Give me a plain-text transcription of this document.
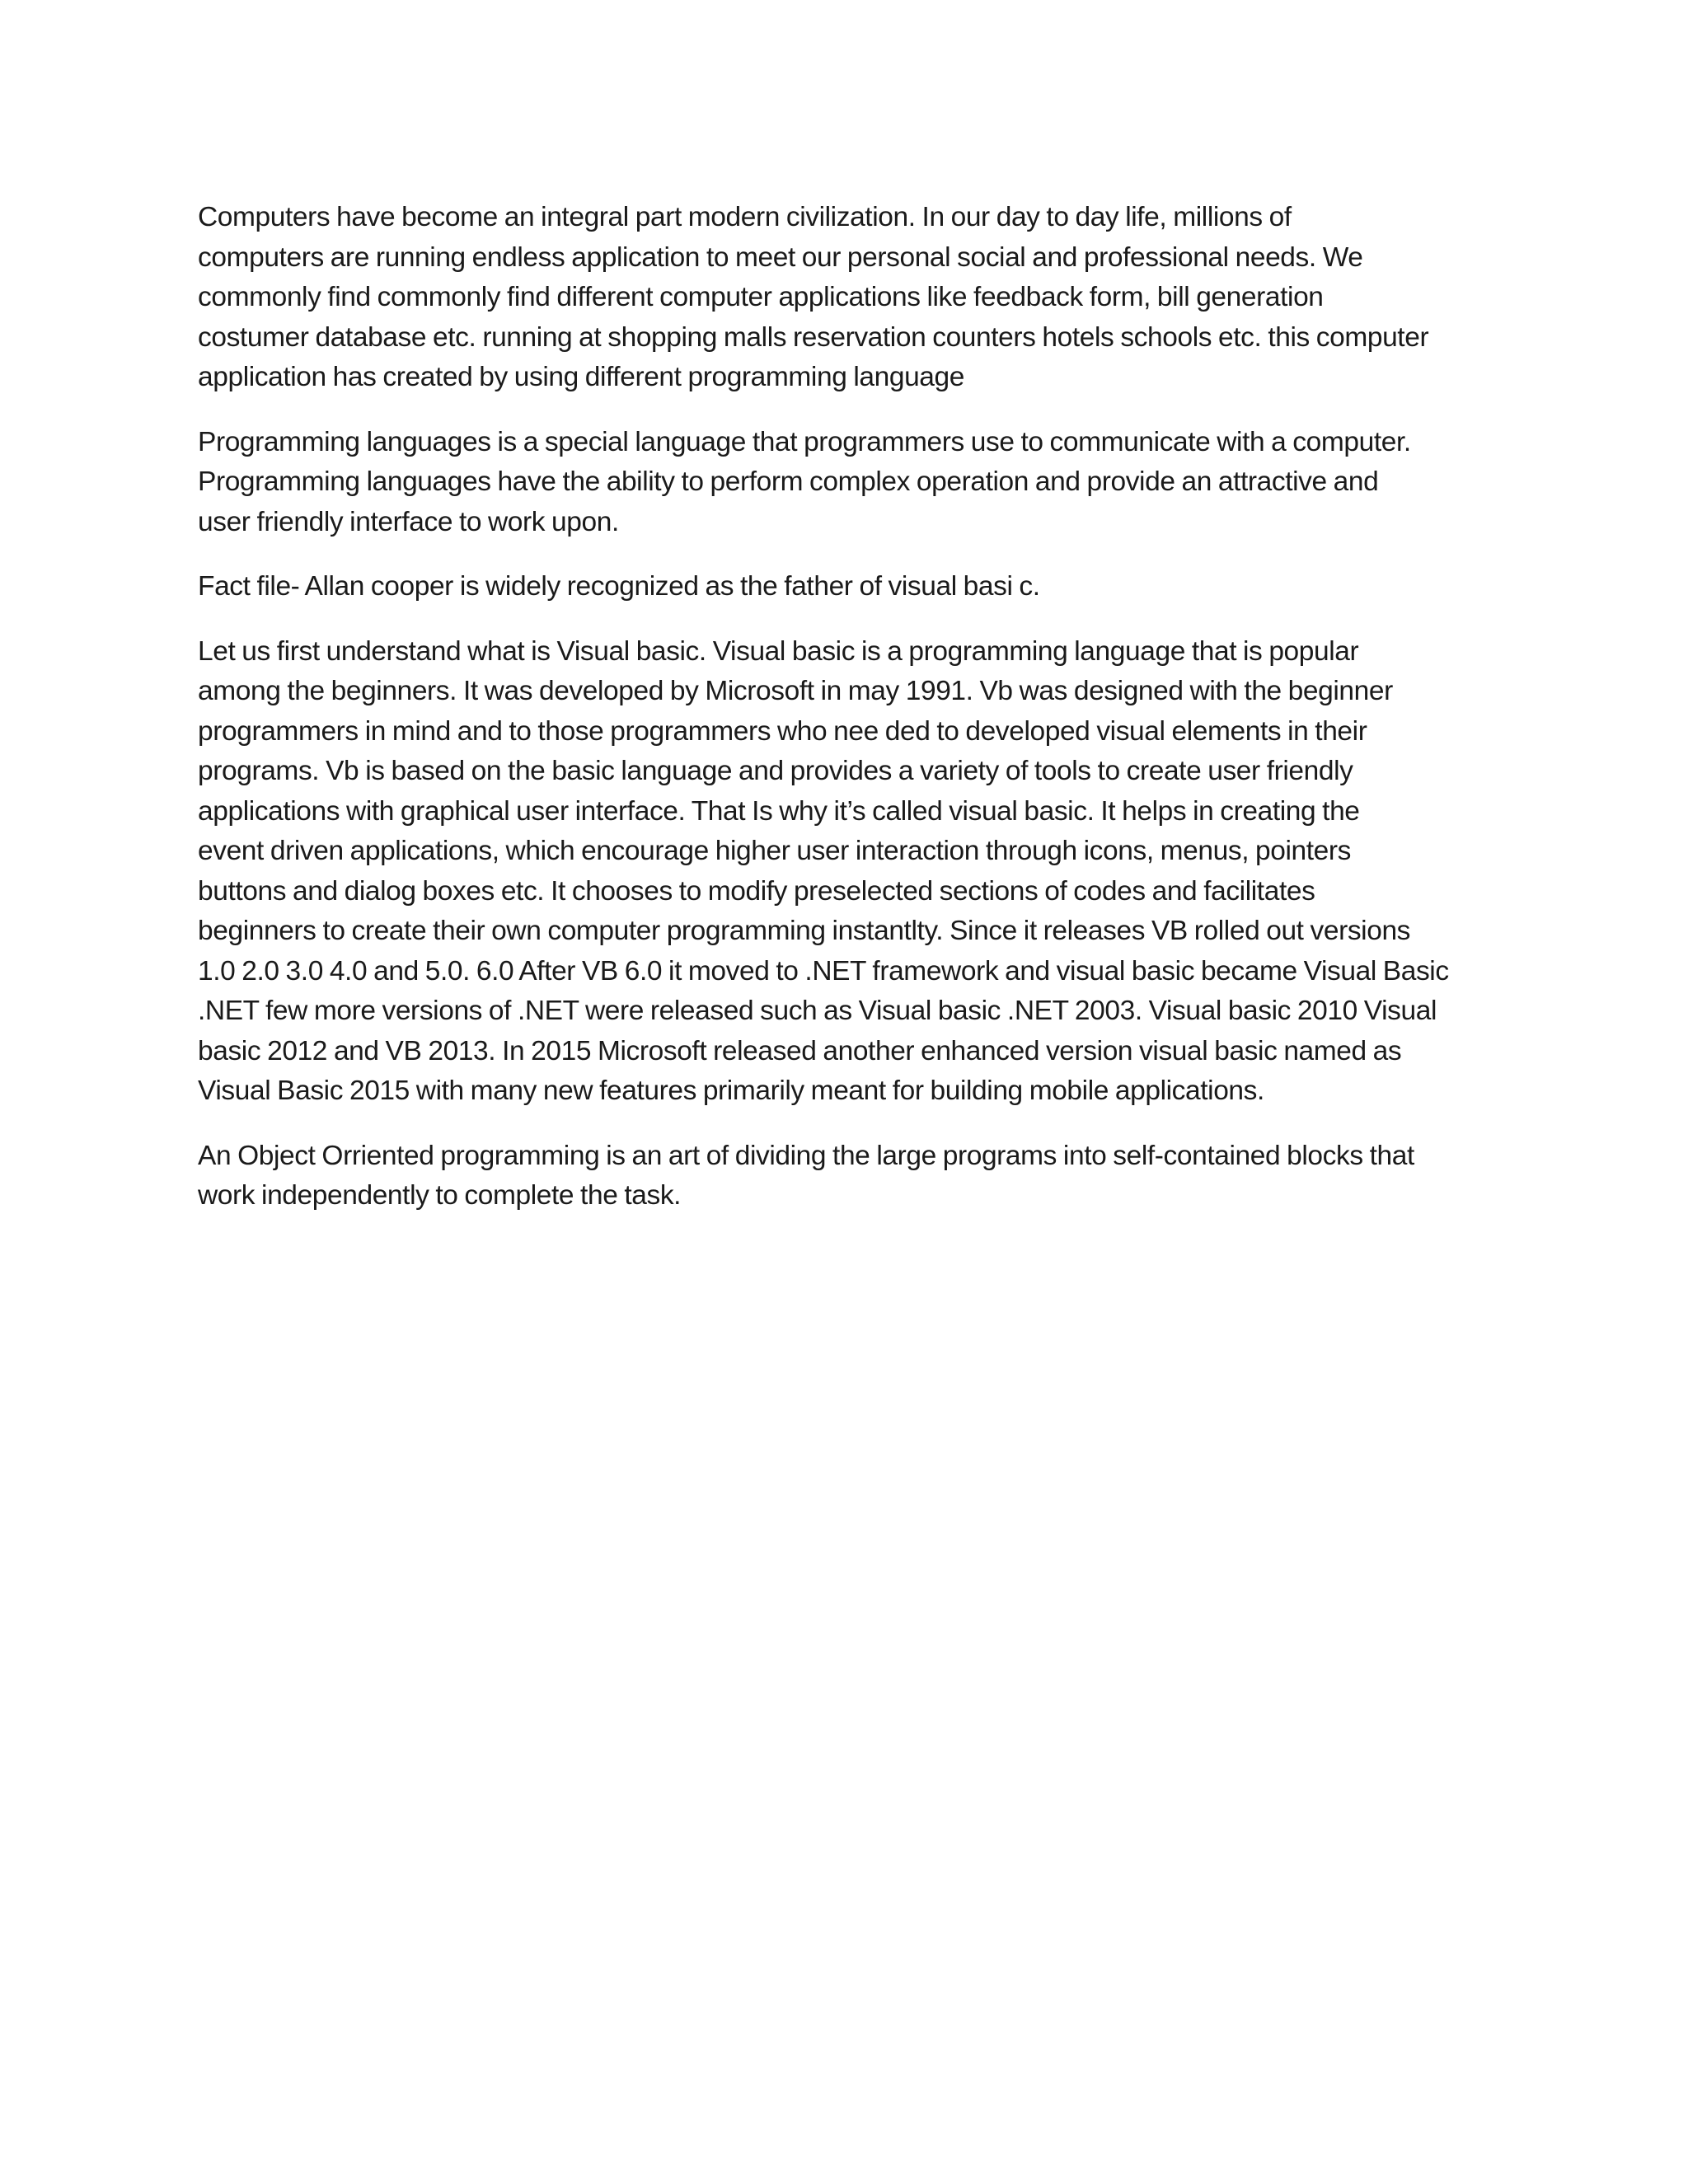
Computers have become an integral part modern civilization. In our day to day life, millions of
computers are running endless application to meet our personal social and professional needs. We
commonly find commonly find different computer applications like feedback form, bill generation
costumer database etc. running at shopping malls reservation counters hotels schools etc. this computer
application has created by using different programming language

Programming languages is a special language that programmers use to communicate with a computer.
Programming languages have the ability to perform complex operation and provide an attractive and
user friendly interface to work upon.

Fact file- Allan cooper is widely recognized as the father of visual basi c.

Let us first understand what is Visual basic. Visual basic is a programming language that is popular
among the beginners. It was developed by Microsoft in may 1991. Vb was designed with the beginner
programmers in mind and to those programmers who nee ded to developed visual elements in their
programs. Vb is based on the basic language and provides a variety of tools to create user friendly
applications with graphical user interface. That Is why it’s called visual basic. It helps in creating the
event driven applications, which encourage higher user interaction through icons, menus, pointers
buttons and dialog boxes etc. It chooses to modify preselected sections of codes and facilitates
beginners to create their own computer programming instantlty. Since it releases VB rolled out versions
1.0 2.0 3.0 4.0 and 5.0. 6.0 After VB 6.0 it moved to .NET framework and visual basic became Visual Basic
.NET few more versions of .NET were released such as Visual basic .NET 2003. Visual basic 2010 Visual
basic 2012 and VB 2013. In 2015 Microsoft released another enhanced version visual basic named as
Visual Basic 2015 with many new features primarily meant for building mobile applications.

An Object Orriented programming is an art of dividing the large programs into self-contained blocks that
work independently to complete the task.
